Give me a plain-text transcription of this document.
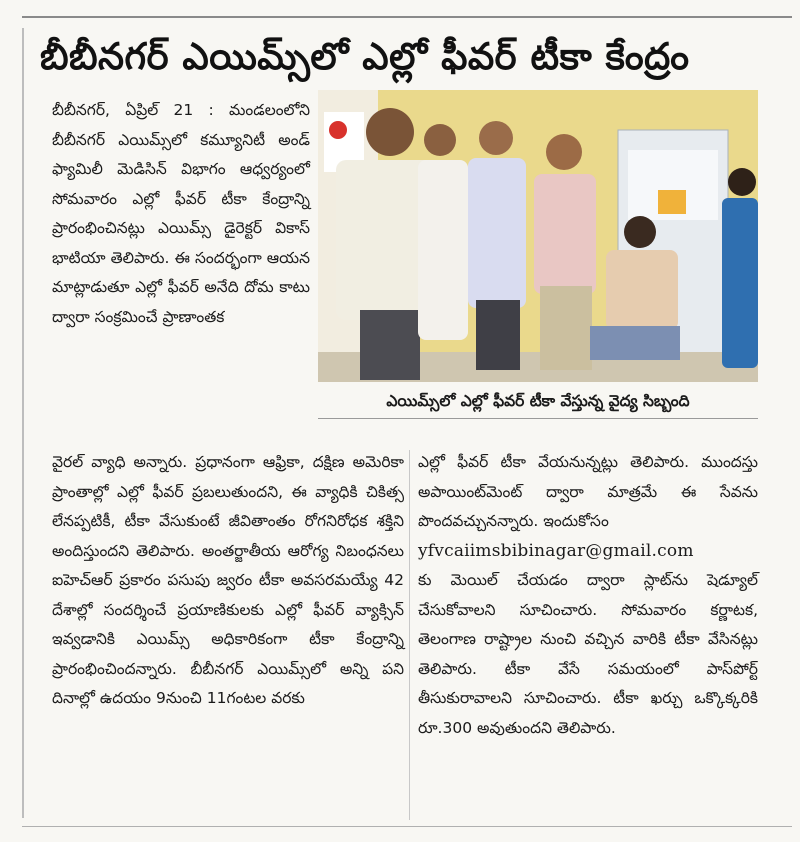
బీబీనగర్ ఎయిమ్స్‌లో ఎల్లో ఫీవర్ టీకా కేంద్రం
బీబీనగర్, ఏప్రిల్ 21 : మండలంలోని బీబీనగర్ ఎయిమ్స్‌లో కమ్యూనిటీ అండ్ ఫ్యామిలీ మెడిసిన్ విభాగం ఆధ్వర్యంలో సోమవారం ఎల్లో ఫీవర్ టీకా కేంద్రాన్ని ప్రారంభించినట్లు ఎయిమ్స్ డైరెక్టర్ వికాస్ భాటియా తెలిపారు. ఈ సందర్భంగా ఆయన మాట్లాడుతూ ఎల్లో ఫీవర్ అనేది దోమ కాటు ద్వారా సంక్రమించే ప్రాణాంతక
ఎయిమ్స్‌లో ఎల్లో ఫీవర్ టీకా వేస్తున్న వైద్య సిబ్బంది
వైరల్ వ్యాధి అన్నారు. ప్రధానంగా ఆఫ్రికా, దక్షిణ అమెరికా ప్రాంతాల్లో ఎల్లో ఫీవర్ ప్రబలుతుందని, ఈ వ్యాధికి చికిత్స లేనప్పటికీ, టీకా వేసుకుంటే జీవితాంతం రోగనిరోధక శక్తిని అందిస్తుందని తెలిపారు. అంతర్జాతీయ ఆరోగ్య నిబంధనలు ఐహెచ్ఆర్ ప్రకారం పసుపు జ్వరం టీకా అవసరమయ్యే 42 దేశాల్లో సందర్శించే ప్రయాణికులకు ఎల్లో ఫీవర్ వ్యాక్సిన్ ఇవ్వడానికి ఎయిమ్స్ అధికారికంగా టీకా కేంద్రాన్ని ప్రారంభించిందన్నారు. బీబీనగర్ ఎయిమ్స్‌లో అన్ని పని దినాల్లో ఉదయం 9నుంచి 11గంటల వరకు
ఎల్లో ఫీవర్ టీకా వేయనున్నట్లు తెలిపారు. ముందస్తు అపాయింట్‌మెంట్ ద్వారా మాత్రమే ఈ సేవను పొందవచ్చునన్నారు. ఇందుకోసం
yfvcaiimsbibinagar@gmail.com
కు మెయిల్ చేయడం ద్వారా స్లాట్‌ను షెడ్యూల్ చేసుకోవాలని సూచించారు. సోమవారం కర్ణాటక, తెలంగాణ రాష్ట్రాల నుంచి వచ్చిన వారికి టీకా వేసినట్లు తెలిపారు. టీకా వేసే సమయంలో పాస్‌పోర్ట్ తీసుకురావాలని సూచించారు. టీకా ఖర్చు ఒక్కొక్కరికి రూ.300 అవుతుందని తెలిపారు.
